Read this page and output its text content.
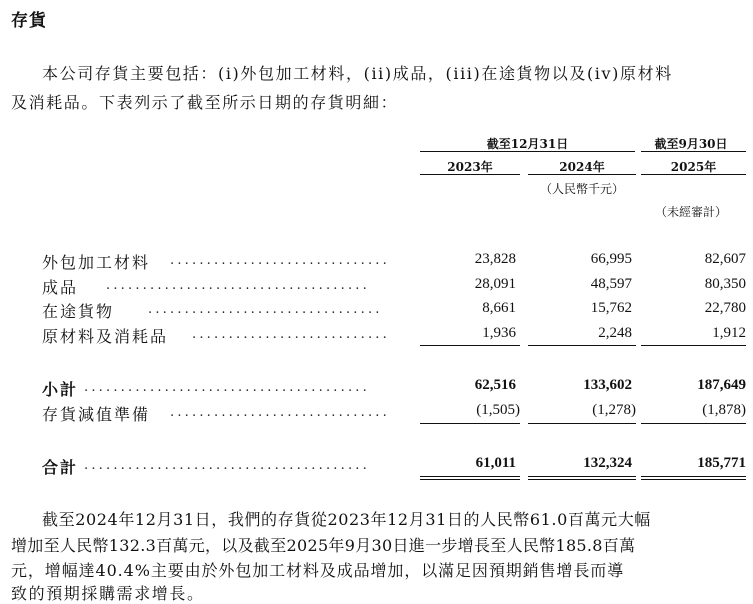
存貨
本公司存貨主要包括：(i)外包加工材料，(ii)成品，(iii)在途貨物以及(iv)原材料
及消耗品。下表列示了截至所示日期的存貨明細：
截至12月31日	截至9月30日
2023年	2024年	2025年
（人民幣千元）
（未經審計）
外包加工材料 ..............................	23,828	66,995	82,607
成品 ....................................	28,091	48,597	80,350
在途貨物	................................	8,661	15,762	22,780
原材料及消耗品 ...........................	1,936	2,248	1,912
小計 .......................................	62,516	133,602	187,649
存貨減值準備 ..............................	(1,505)	(1,278)	(1,878)
合計 .......................................	61,011	132,324	185,771
截至2024年12月31日，我們的存貨從2023年12月31日的人民幣61.0百萬元大幅
增加至人民幣132.3百萬元，以及截至2025年9月30日進一步增長至人民幣185.8百萬
元，增幅達40.4%主要由於外包加工材料及成品增加，以滿足因預期銷售增長而導
致的預期採購需求增長。
